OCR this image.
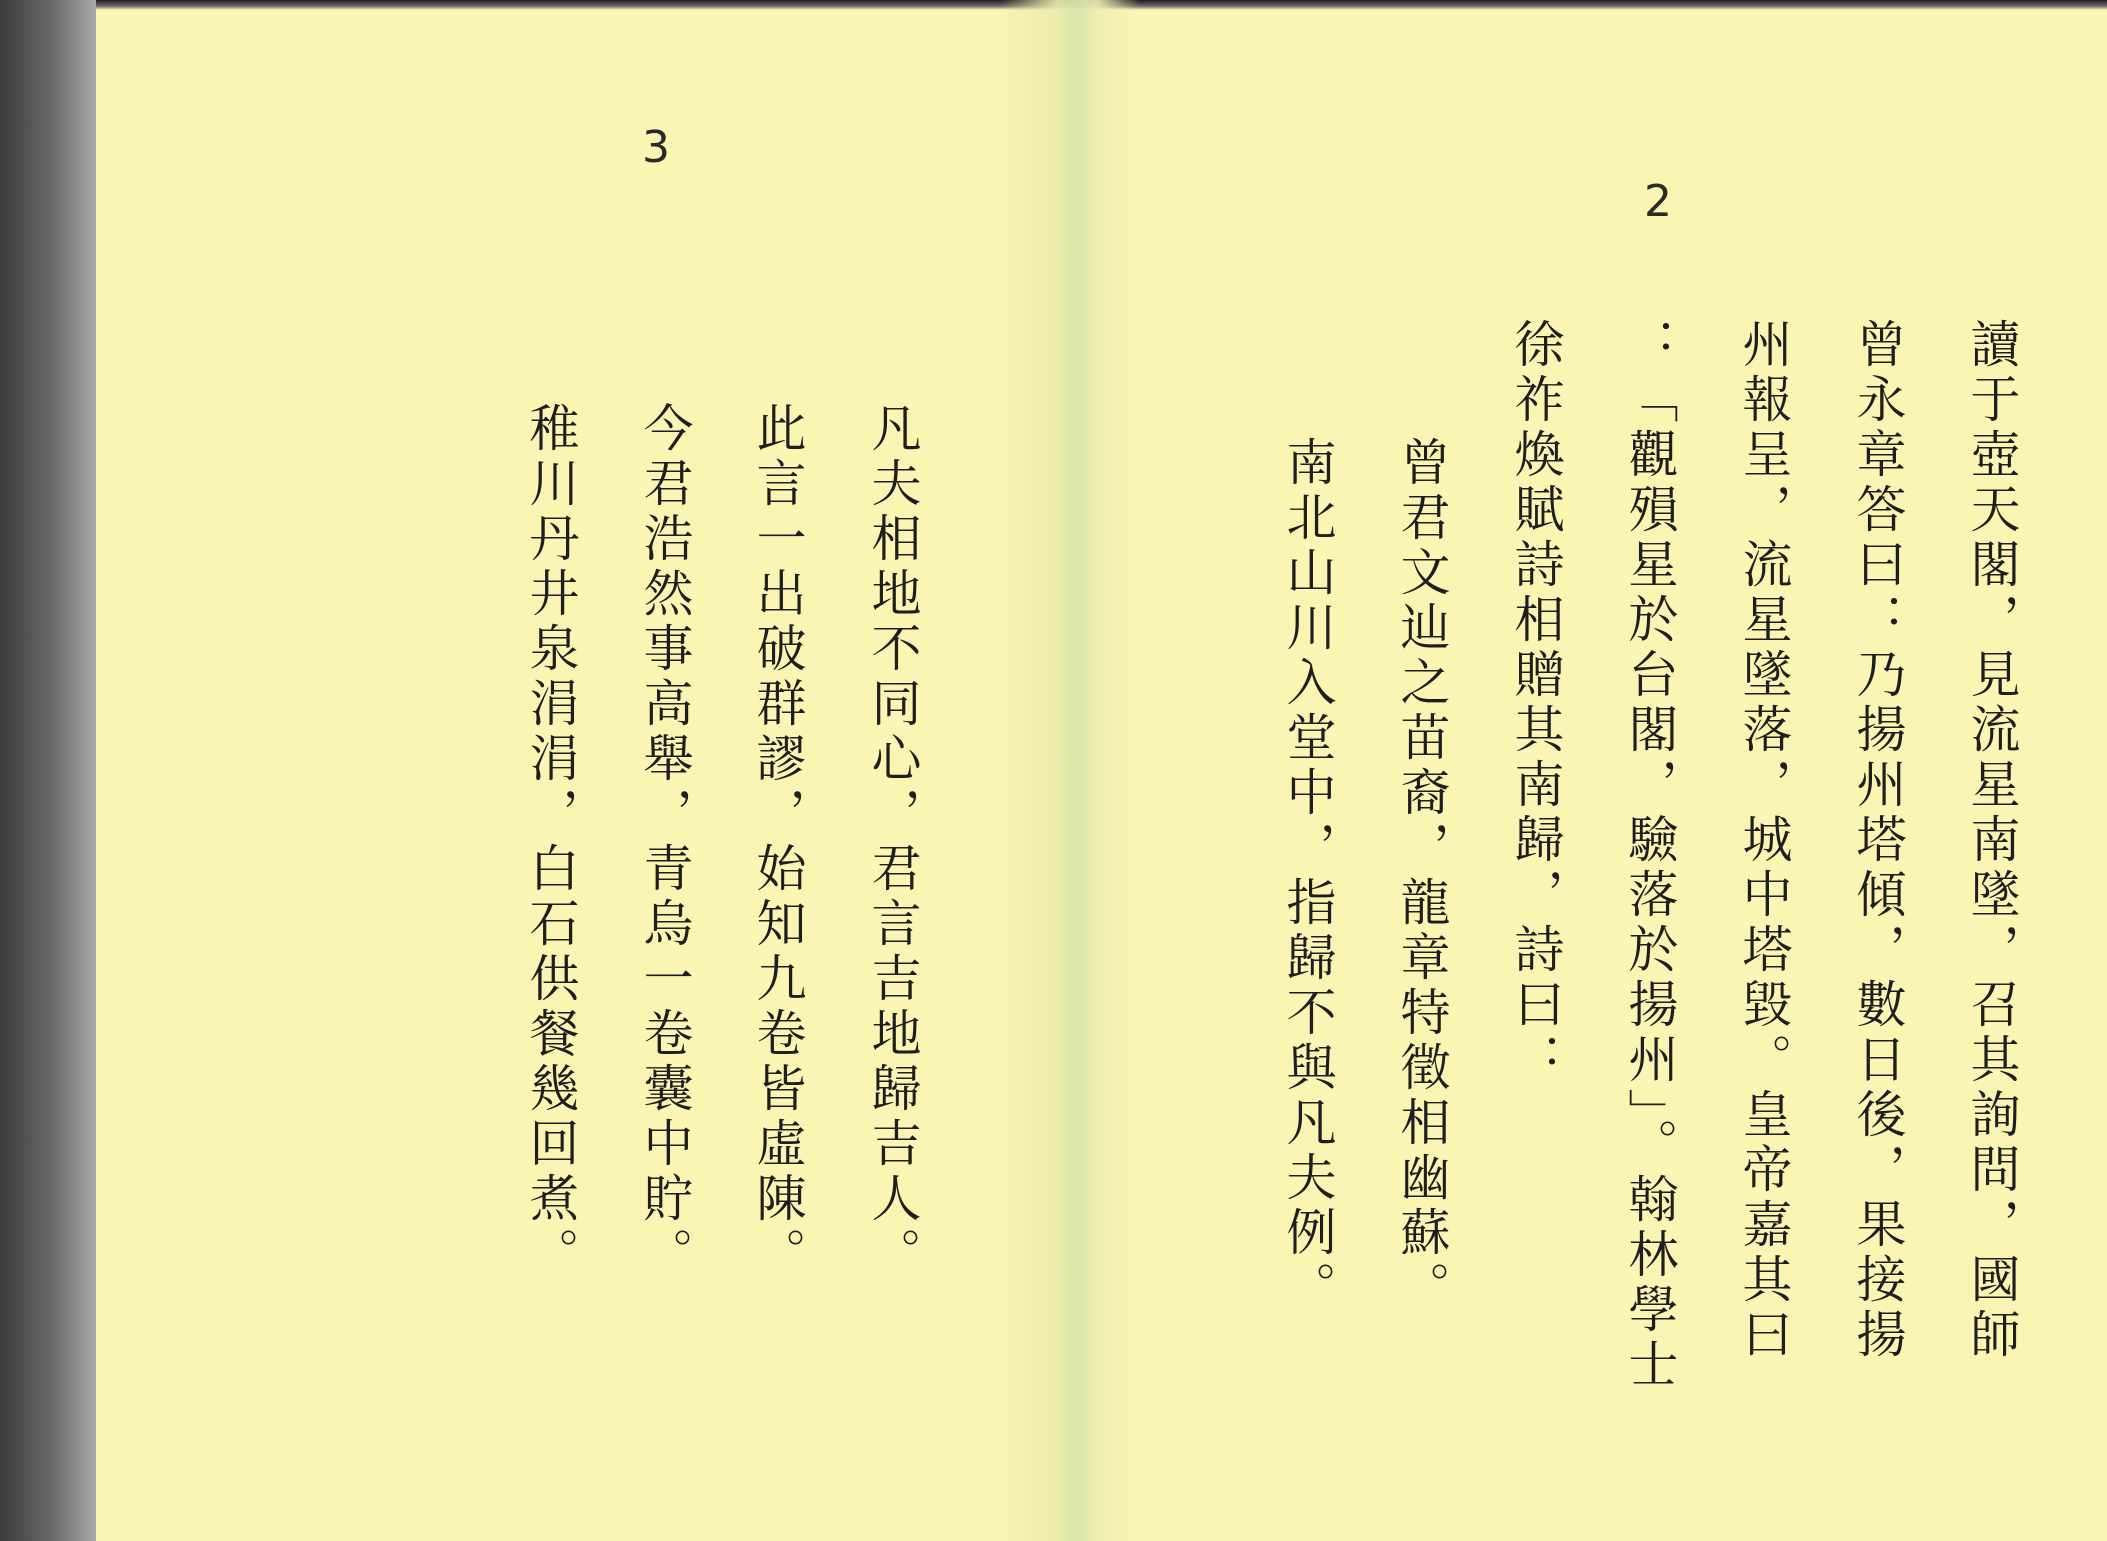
3

凡夫相地不同心，君言吉地歸吉人。

此言一出破群謬，始知九卷皆虛陳。

今君浩然事高舉，青烏一卷囊中貯。

稚川丹井泉涓涓，白石供餐幾回煮。

2

讀于壺天閣，見流星南墜，召其詢問，國師

曾永章答曰：乃揚州塔傾，數日後，果接揚

州報呈，流星墜落，城中塔毀。皇帝嘉其曰

：「觀殞星於台閣，驗落於揚州」。翰林學士

徐祚煥賦詩相贈其南歸，詩曰：

曾君文辿之苗裔，龍章特徵相幽蘇。

南北山川入堂中，指歸不與凡夫例。
